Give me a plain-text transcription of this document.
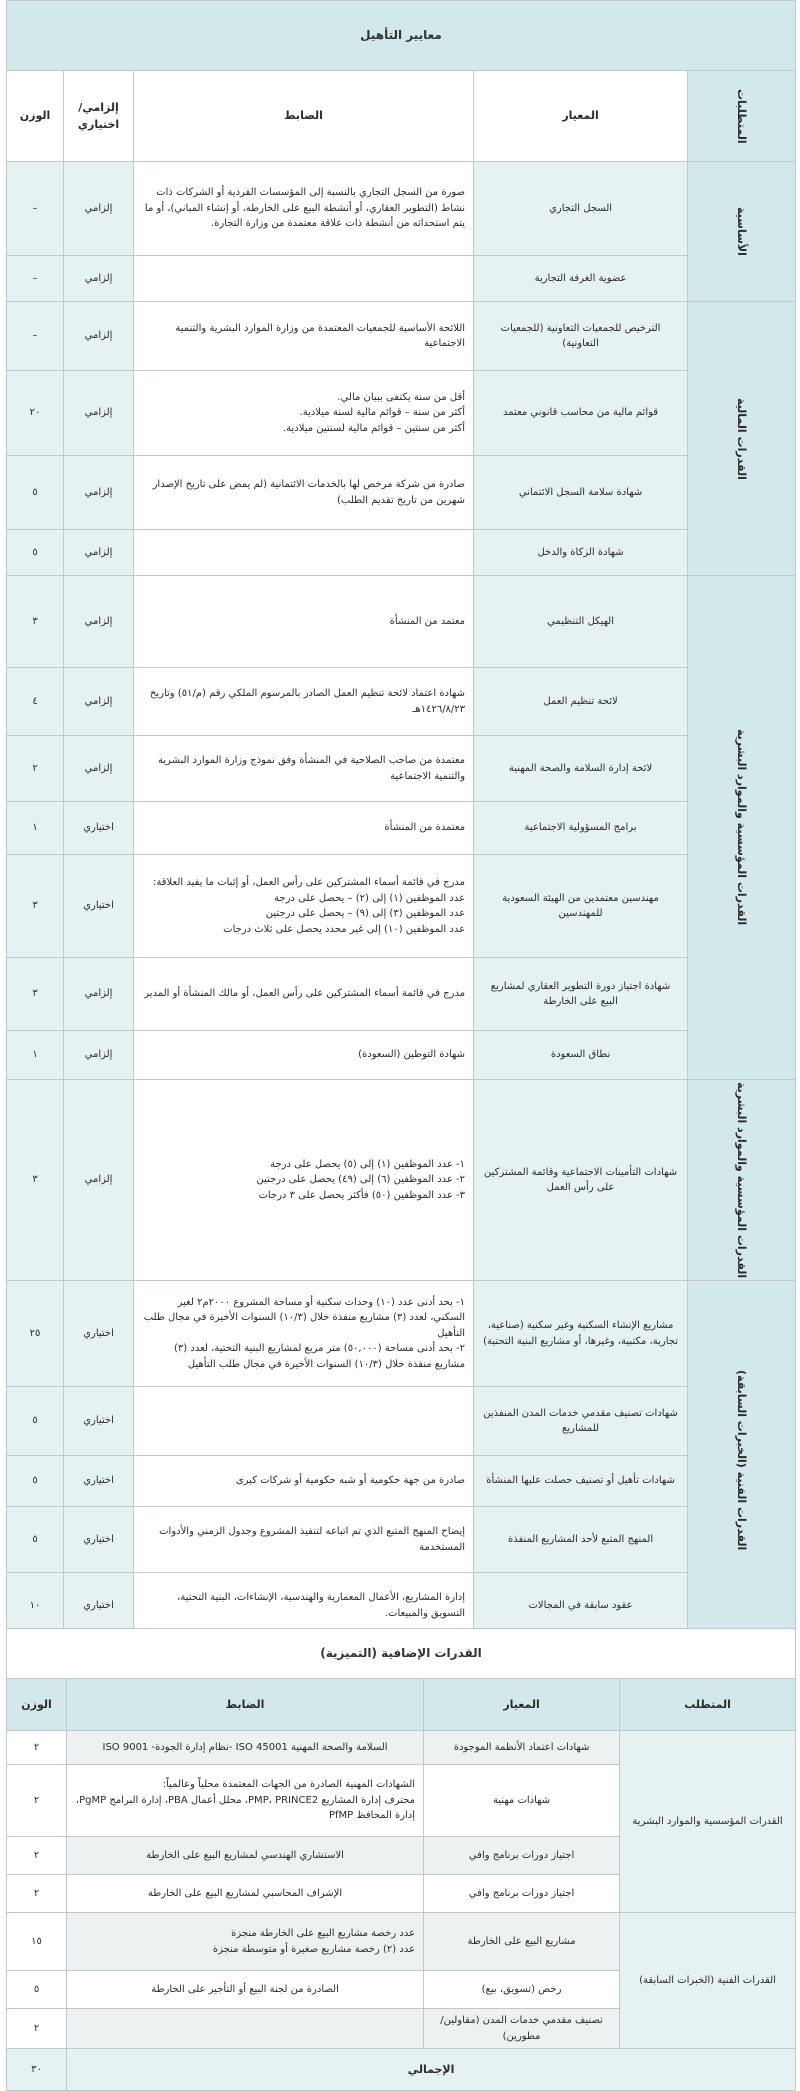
معايير التأهيل				
المتطلبات	المعيار	الضابط	إلزامي/ اختياري	الوزن
الأساسية	السجل التجاري	صورة من السجل التجاري بالنسبة إلى المؤسسات الفردية أو الشركات ذات نشاط (التطوير العقاري، أو أنشطة البيع على الخارطة، أو إنشاء المباني)، أو ما يتم استحداثه من أنشطة ذات علاقة معتمدة من وزارة التجارة.	إلزامي	–
	عضوية الغرفة التجارية		إلزامي	–
القدرات المالية	الترخيص للجمعيات التعاونية (للجمعيات التعاونية)	اللائحة الأساسية للجمعيات المعتمدة من وزارة الموارد البشرية والتنمية الاجتماعية	إلزامي	–
	قوائم مالية من محاسب قانوني معتمد	أقل من سنة يكتفى ببيان مالي.
أكثر من سنة – قوائم مالية لسنة ميلادية.
أكثر من سنتين – قوائم مالية لسنتين ميلادية.	إلزامي	٢٠
	شهادة سلامة السجل الائتماني	صادرة من شركة مرخص لها بالخدمات الائتمانية (لم يمض على تاريخ الإصدار شهرين من تاريخ تقديم الطلب)	إلزامي	٥
	شهادة الزكاة والدخل		إلزامي	٥
القدرات المؤسسية والموارد البشرية	الهيكل التنظيمي	معتمد من المنشأة	إلزامي	٣
	لائحة تنظيم العمل	شهادة اعتماد لائحة تنظيم العمل الصادر بالمرسوم الملكي رقم (م/٥١) وتاريخ ١٤٢٦/٨/٢٣هـ	إلزامي	٤
	لائحة إدارة السلامة والصحة المهنية	معتمدة من صاحب الصلاحية في المنشأة وفق نموذج وزارة الموارد البشرية والتنمية الاجتماعية	إلزامي	٢
	برامج المسؤولية الاجتماعية	معتمدة من المنشأة	اختياري	١
	مهندسين معتمدين من الهيئة السعودية للمهندسين	مدرج في قائمة أسماء المشتركين على رأس العمل، أو إثبات ما يفيد العلاقة:
عدد الموظفين (١) إلى (٢) – يحصل على درجة
عدد الموظفين (٣) إلى (٩) – يحصل على درجتين
عدد الموظفين (١٠) إلى غير محدد يحصل على ثلاث درجات	اختياري	٣
	شهادة اجتياز دورة التطوير العقاري لمشاريع البيع على الخارطة	مدرج في قائمة أسماء المشتركين على رأس العمل، أو مالك المنشأة أو المدير	إلزامي	٣
	نطاق السعودة	شهادة التوطين (السعودة)	إلزامي	١
القدرات المؤسسية والموارد البشرية	شهادات التأمينات الاجتماعية وقائمة المشتركين على رأس العمل	١- عدد الموظفين (١) إلى (٥) يحصل على درجة
٢- عدد الموظفين (٦) إلى (٤٩) يحصل على درجتين
٣- عدد الموظفين (٥٠) فأكثر يحصل على ٣ درجات	إلزامي	٣
القدرات الفنية (الخبرات السابقة)	مشاريع الإنشاء السكنية وغير سكنية (صناعية، تجارية، مكتبية، وغيرها، أو مشاريع البنية التحتية)	١- بحد أدنى عدد (١٠) وحدات سكنية أو مساحة المشروع ٢٠٠٠م٢ لغير السكني، لعدد (٣) مشاريع منفذة خلال (١٠/٣) السنوات الأخيرة في مجال طلب التأهيل
٢- بحد أدنى مساحة (٥٠,٠٠٠) متر مربع لمشاريع البنية التحتية، لعدد (٣) مشاريع منفذة خلال (١٠/٣) السنوات الأخيرة في مجال طلب التأهيل	اختياري	٢٥
	شهادات تصنيف مقدمي خدمات المدن المنفذين للمشاريع		اختياري	٥
	شهادات تأهيل أو تصنيف حصلت عليها المنشأة	صادرة من جهة حكومية أو شبه حكومية أو شركات كبرى	اختياري	٥
	المنهج المتبع لأحد المشاريع المنفذة	إيضاح المنهج المتبع الذي تم اتباعه لتنفيذ المشروع وجدول الزمني والأدوات المستخدمة	اختياري	٥
	عقود سابقة في المجالات	إدارة المشاريع، الأعمال المعمارية والهندسية، الإنشاءات، البنية التحتية، التسويق والمبيعات.	اختياري	١٠

القدرات الإضافية (التميزية)			
المتطلب	المعيار	الضابط	الوزن
القدرات المؤسسية والموارد البشرية	شهادات اعتماد الأنظمة الموجودة	السلامة والصحة المهنية ISO 45001 -نظام إدارة الجودة- ISO 9001	٢
	شهادات مهنية	الشهادات المهنية الصادرة من الجهات المعتمدة محلياً وعالمياً:
محترف إدارة المشاريع PMP، PRINCE2، محلل أعمال PBA، إدارة البرامج PgMP، إدارة المحافظ PfMP	٢
	اجتياز دورات برنامج وافي	الاستشاري الهندسي لمشاريع البيع على الخارطة	٢
	اجتياز دورات برنامج وافي	الإشراف المحاسبي لمشاريع البيع على الخارطة	٢
القدرات الفنية (الخبرات السابقة)	مشاريع البيع على الخارطة	عدد رخصة مشاريع البيع على الخارطة منجزة
عدد (٢) رخصة مشاريع صغيرة أو متوسطة منجزة	١٥
	رخص (تسويق، بيع)	الصادرة من لجنة البيع أو التأجير على الخارطة	٥
	تصنيف مقدمي خدمات المدن (مقاولين/مطورين)		٢
الإجمالي			٣٠
